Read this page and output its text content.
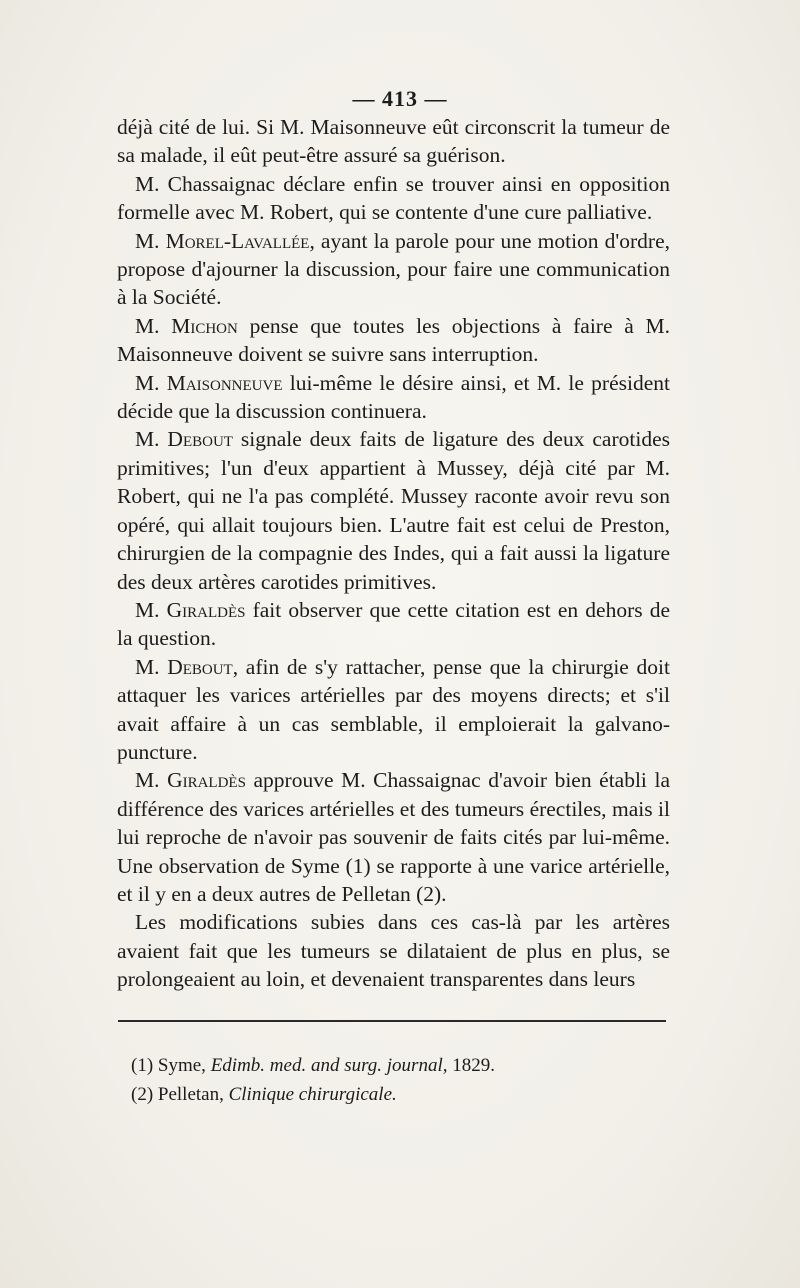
— 413 —

déjà cité de lui. Si M. Maisonneuve eût circonscrit la tumeur de sa malade, il eût peut-être assuré sa guérison.

M. Chassaignac déclare enfin se trouver ainsi en opposition formelle avec M. Robert, qui se contente d'une cure palliative.

M. Morel-Lavallée, ayant la parole pour une motion d'ordre, propose d'ajourner la discussion, pour faire une communication à la Société.

M. Michon pense que toutes les objections à faire à M. Maisonneuve doivent se suivre sans interruption.

M. Maisonneuve lui-même le désire ainsi, et M. le président décide que la discussion continuera.

M. Debout signale deux faits de ligature des deux carotides primitives; l'un d'eux appartient à Mussey, déjà cité par M. Robert, qui ne l'a pas complété. Mussey raconte avoir revu son opéré, qui allait toujours bien. L'autre fait est celui de Preston, chirurgien de la compagnie des Indes, qui a fait aussi la ligature des deux artères carotides primitives.

M. Giraldès fait observer que cette citation est en dehors de la question.

M. Debout, afin de s'y rattacher, pense que la chirurgie doit attaquer les varices artérielles par des moyens directs; et s'il avait affaire à un cas semblable, il emploierait la galvano-puncture.

M. Giraldès approuve M. Chassaignac d'avoir bien établi la différence des varices artérielles et des tumeurs érectiles, mais il lui reproche de n'avoir pas souvenir de faits cités par lui-même. Une observation de Syme (1) se rapporte à une varice artérielle, et il y en a deux autres de Pelletan (2).

Les modifications subies dans ces cas-là par les artères avaient fait que les tumeurs se dilataient de plus en plus, se prolongeaient au loin, et devenaient transparentes dans leurs

(1) Syme, Edimb. med. and surg. journal, 1829.

(2) Pelletan, Clinique chirurgicale.
